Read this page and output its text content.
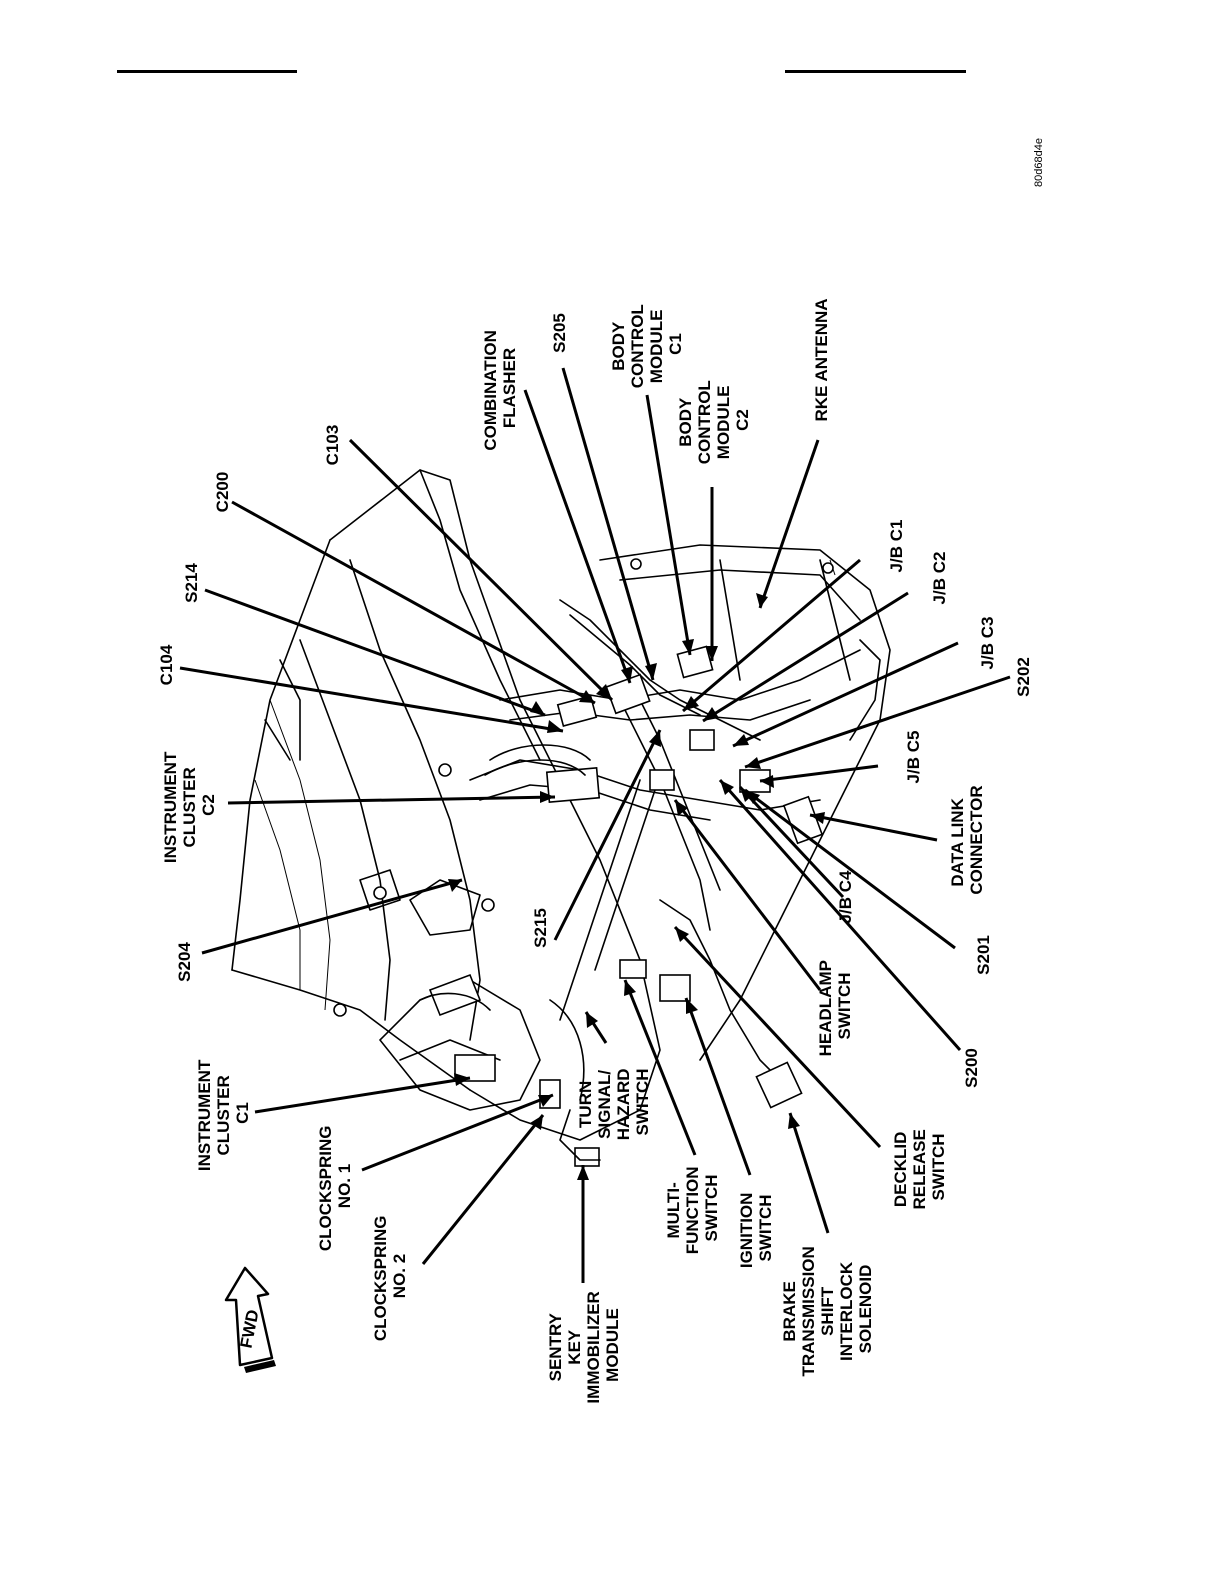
80d68d4e
FWD
C103
C200
S214
C104
INSTRUMENT CLUSTER C2
S204
INSTRUMENT CLUSTER C1
CLOCKSPRING NO. 1
CLOCKSPRING NO. 2
SENTRY KEY IMMOBILIZER MODULE
TURN SIGNAL/ HAZARD SWITCH
MULTI- FUNCTION SWITCH IGNITION SWITCH
BRAKE TRANSMISSION SHIFT INTERLOCK SOLENOID
DECKLID RELEASE SWITCH
S200
HEADLAMP SWITCH
S215
J/B C4
S201
DATA LINK CONNECTOR
J/B C5
S202
J/B C3
J/B C2
J/B C1
RKE ANTENNA
BODY CONTROL MODULE C2
BODY CONTROL MODULE C1
S205
COMBINATION FLASHER
